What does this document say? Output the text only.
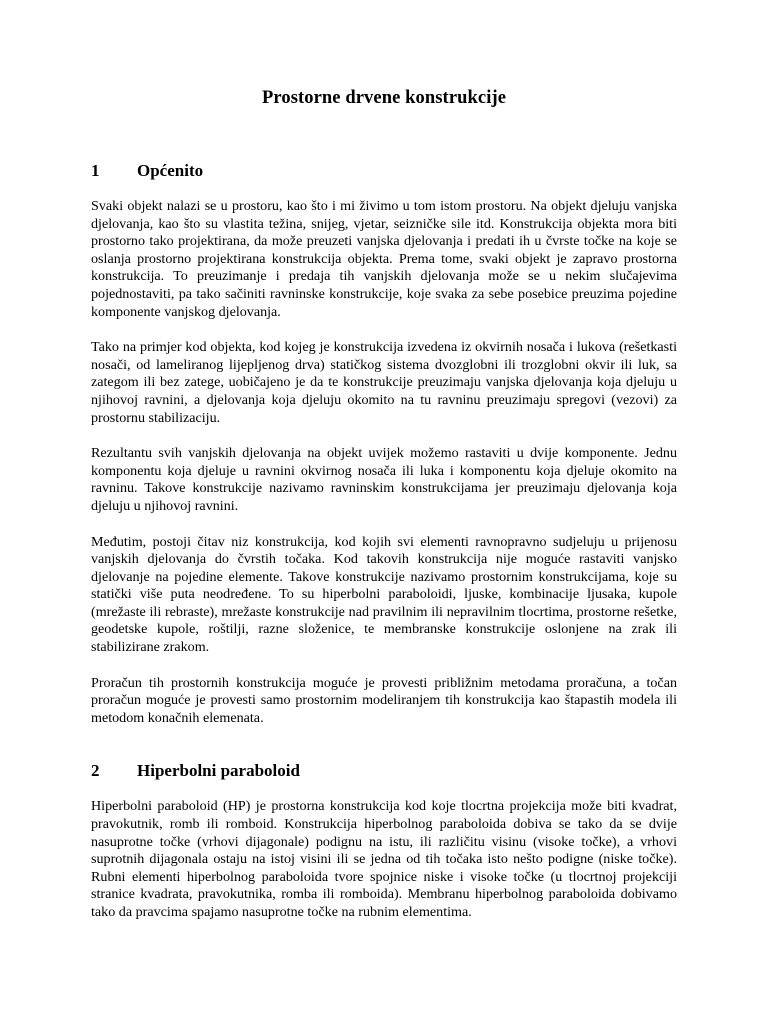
Prostorne drvene konstrukcije
1	Općenito

Svaki objekt nalazi se u prostoru, kao što i mi živimo u tom istom prostoru. Na objekt djeluju vanjska djelovanja, kao što su vlastita težina, snijeg, vjetar, seizničke sile itd. Konstrukcija objekta mora biti prostorno tako projektirana, da može preuzeti vanjska djelovanja i predati ih u čvrste točke na koje se oslanja prostorno projektirana konstrukcija objekta. Prema tome, svaki objekt je zapravo prostorna konstrukcija. To preuzimanje i predaja tih vanjskih djelovanja može se u nekim slučajevima pojednostaviti, pa tako sačiniti ravninske konstrukcije, koje svaka za sebe posebice preuzima pojedine komponente vanjskog djelovanja.

Tako na primjer kod objekta, kod kojeg je konstrukcija izvedena iz okvirnih nosača i lukova (rešetkasti nosači, od lameliranog lijepljenog drva) statičkog sistema dvozglobni ili trozglobni okvir ili luk, sa zategom ili bez zatege, uobičajeno je da te konstrukcije preuzimaju vanjska djelovanja koja djeluju u njihovoj ravnini, a djelovanja koja djeluju okomito na tu ravninu preuzimaju spregovi (vezovi) za prostornu stabilizaciju.

Rezultantu svih vanjskih djelovanja na objekt uvijek možemo rastaviti u dvije komponente. Jednu komponentu koja djeluje u ravnini okvirnog nosača ili luka i komponentu koja djeluje okomito na ravninu. Takove konstrukcije nazivamo ravninskim konstrukcijama jer preuzimaju djelovanja koja djeluju u njihovoj ravnini.

Međutim, postoji čitav niz konstrukcija, kod kojih svi elementi ravnopravno sudjeluju u prijenosu vanjskih djelovanja do čvrstih točaka. Kod takovih konstrukcija nije moguće rastaviti vanjsko djelovanje na pojedine elemente. Takove konstrukcije nazivamo prostornim konstrukcijama, koje su statički više puta neodređene. To su hiperbolni paraboloidi, ljuske, kombinacije ljusaka, kupole (mrežaste ili rebraste), mrežaste konstrukcije nad pravilnim ili nepravilnim tlocrtima, prostorne rešetke, geodetske kupole, roštilji, razne složenice, te membranske konstrukcije oslonjene na zrak ili stabilizirane zrakom.

Proračun tih prostornih konstrukcija moguće je provesti približnim metodama proračuna, a točan proračun moguće je provesti samo prostornim modeliranjem tih konstrukcija kao štapastih modela ili metodom konačnih elemenata.

2	Hiperbolni paraboloid

Hiperbolni paraboloid (HP) je prostorna konstrukcija kod koje tlocrtna projekcija može biti kvadrat, pravokutnik, romb ili romboid. Konstrukcija hiperbolnog paraboloida dobiva se tako da se dvije nasuprotne točke (vrhovi dijagonale) podignu na istu, ili različitu visinu (visoke točke), a vrhovi suprotnih dijagonala ostaju na istoj visini ili se jedna od tih točaka isto nešto podigne (niske točke). Rubni elementi hiperbolnog paraboloida tvore spojnice niske i visoke točke (u tlocrtnoj projekciji stranice kvadrata, pravokutnika, romba ili romboida). Membranu hiperbolnog paraboloida dobivamo tako da pravcima spajamo nasuprotne točke na rubnim elementima.
